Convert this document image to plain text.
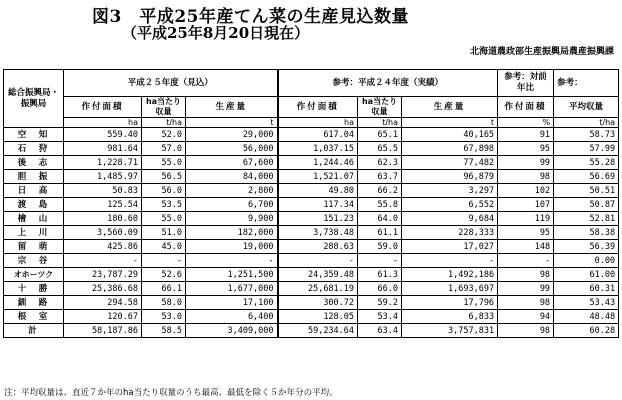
図3　平成25年産てん菜の生産見込数量
（平成25年8月20日現在）
北海道農政部生産振興局農産振興課
総合振興局・振興局	平成２５年度（見込）			参考：平成２４年度（実績）			参考：対前年比	参考：
	作付面積	ha当たり収量	生産量	作付面積	ha当たり収量	生産量	作付面積	平均収量
	ha	t/ha	t	ha	t/ha	t	%	t/ha
空　知	559.40	52.0	29,000	617.04	65.1	40,165	91	58.73
石　狩	981.64	57.0	56,000	1,037.15	65.5	67,898	95	57.99
後　志	1,228.71	55.0	67,600	1,244.46	62.3	77,482	99	55.28
胆　振	1,485.97	56.5	84,000	1,521.07	63.7	96,879	98	56.69
日　高	50.83	56.0	2,800	49.80	66.2	3,297	102	50.51
渡　島	125.54	53.5	6,700	117.34	55.8	6,552	107	50.87
檜　山	180.60	55.0	9,900	151.23	64.0	9,684	119	52.81
上　川	3,560.09	51.0	182,000	3,738.48	61.1	228,333	95	58.38
留　萌	425.86	45.0	19,000	288.63	59.0	17,027	148	56.39
宗　谷	-	-	-	-	-	-	-	0.00
オホーツク	23,787.29	52.6	1,251,500	24,359.48	61.3	1,492,186	98	61.00
十　勝	25,386.68	66.1	1,677,000	25,681.19	66.0	1,693,697	99	60.31
釧　路	294.58	58.0	17,100	300.72	59.2	17,796	98	53.43
根　室	120.67	53.0	6,400	128.05	53.4	6,833	94	48.48
計	58,187.86	58.5	3,409,000	59,234.64	63.4	3,757,831	98	60.28
注：平均収量は、直近７か年のha当たり収量のうち最高、最低を除く５か年分の平均。
